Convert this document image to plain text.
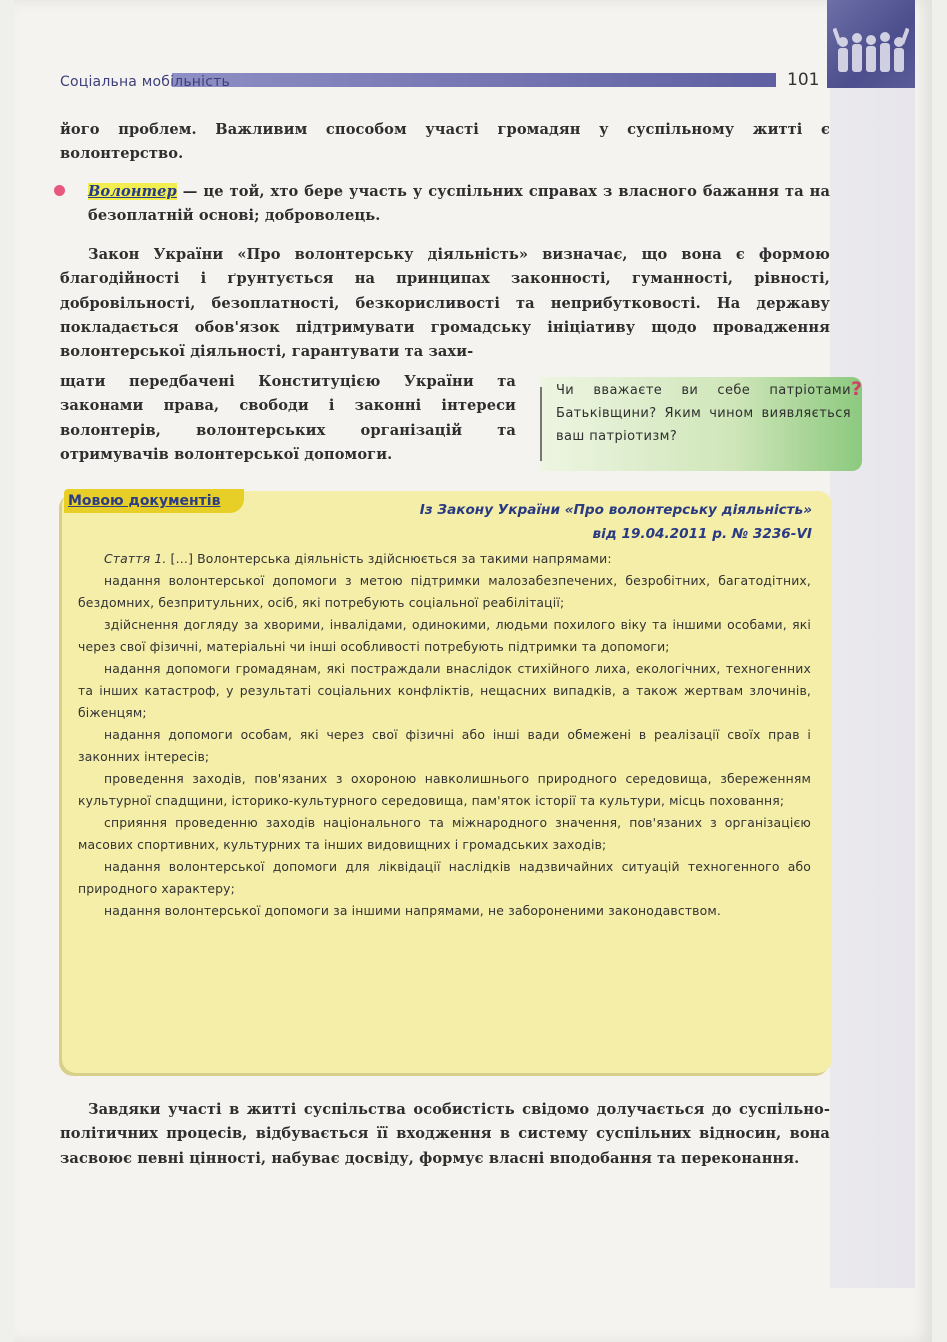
Соціальна мобільність	101
його проблем. Важливим способом участі громадян у суспільному житті є волонтерство.
Волонтер — це той, хто бере участь у суспільних справах з власного бажання та на безоплатній основі; доброволець.
Закон України «Про волонтерську діяльність» визначає, що вона є формою благодійності і ґрунтується на принципах законності, гуманності, рівності, добровільності, безоплатності, безкорисливості та неприбутковості. На державу покладається обов'язок підтримувати громадську ініціативу щодо провадження волонтерської діяльності, гарантувати та захи-
щати передбачені Конституцією України та законами права, свободи і законні інтереси волонтерів, волонтерських організацій та отримувачів волонтерської допомоги.
Чи вважаєте ви себе патріотами Батьківщини? Яким чином виявляється ваш патріотизм?
?
Мовою документів
Із Закону України «Про волонтерську діяльність»
від 19.04.2011 р. № 3236-VI

Стаття 1. […] Волонтерська діяльність здійснюється за такими напрямами:

надання волонтерської допомоги з метою підтримки малозабезпечених, безробітних, багатодітних, бездомних, безпритульних, осіб, які потребують соціальної реабілітації;

здійснення догляду за хворими, інвалідами, одинокими, людьми похилого віку та іншими особами, які через свої фізичні, матеріальні чи інші особливості потребують підтримки та допомоги;

надання допомоги громадянам, які постраждали внаслідок стихійного лиха, екологічних, техногенних та інших катастроф, у результаті соціальних конфліктів, нещасних випадків, а також жертвам злочинів, біженцям;

надання допомоги особам, які через свої фізичні або інші вади обмежені в реалізації своїх прав і законних інтересів;

проведення заходів, пов'язаних з охороною навколишнього природного середовища, збереженням культурної спадщини, історико-культурного середовища, пам'яток історії та культури, місць поховання;

сприяння проведенню заходів національного та міжнародного значення, пов'язаних з організацією масових спортивних, культурних та інших видовищних і громадських заходів;

надання волонтерської допомоги для ліквідації наслідків надзвичайних ситуацій техногенного або природного характеру;

надання волонтерської допомоги за іншими напрямами, не забороненими законодавством.

Завдяки участі в житті суспільства особистість свідомо долучається до суспільно-політичних процесів, відбувається її входження в систему суспільних відносин, вона засвоює певні цінності, набуває досвіду, формує власні вподобання та переконання.
